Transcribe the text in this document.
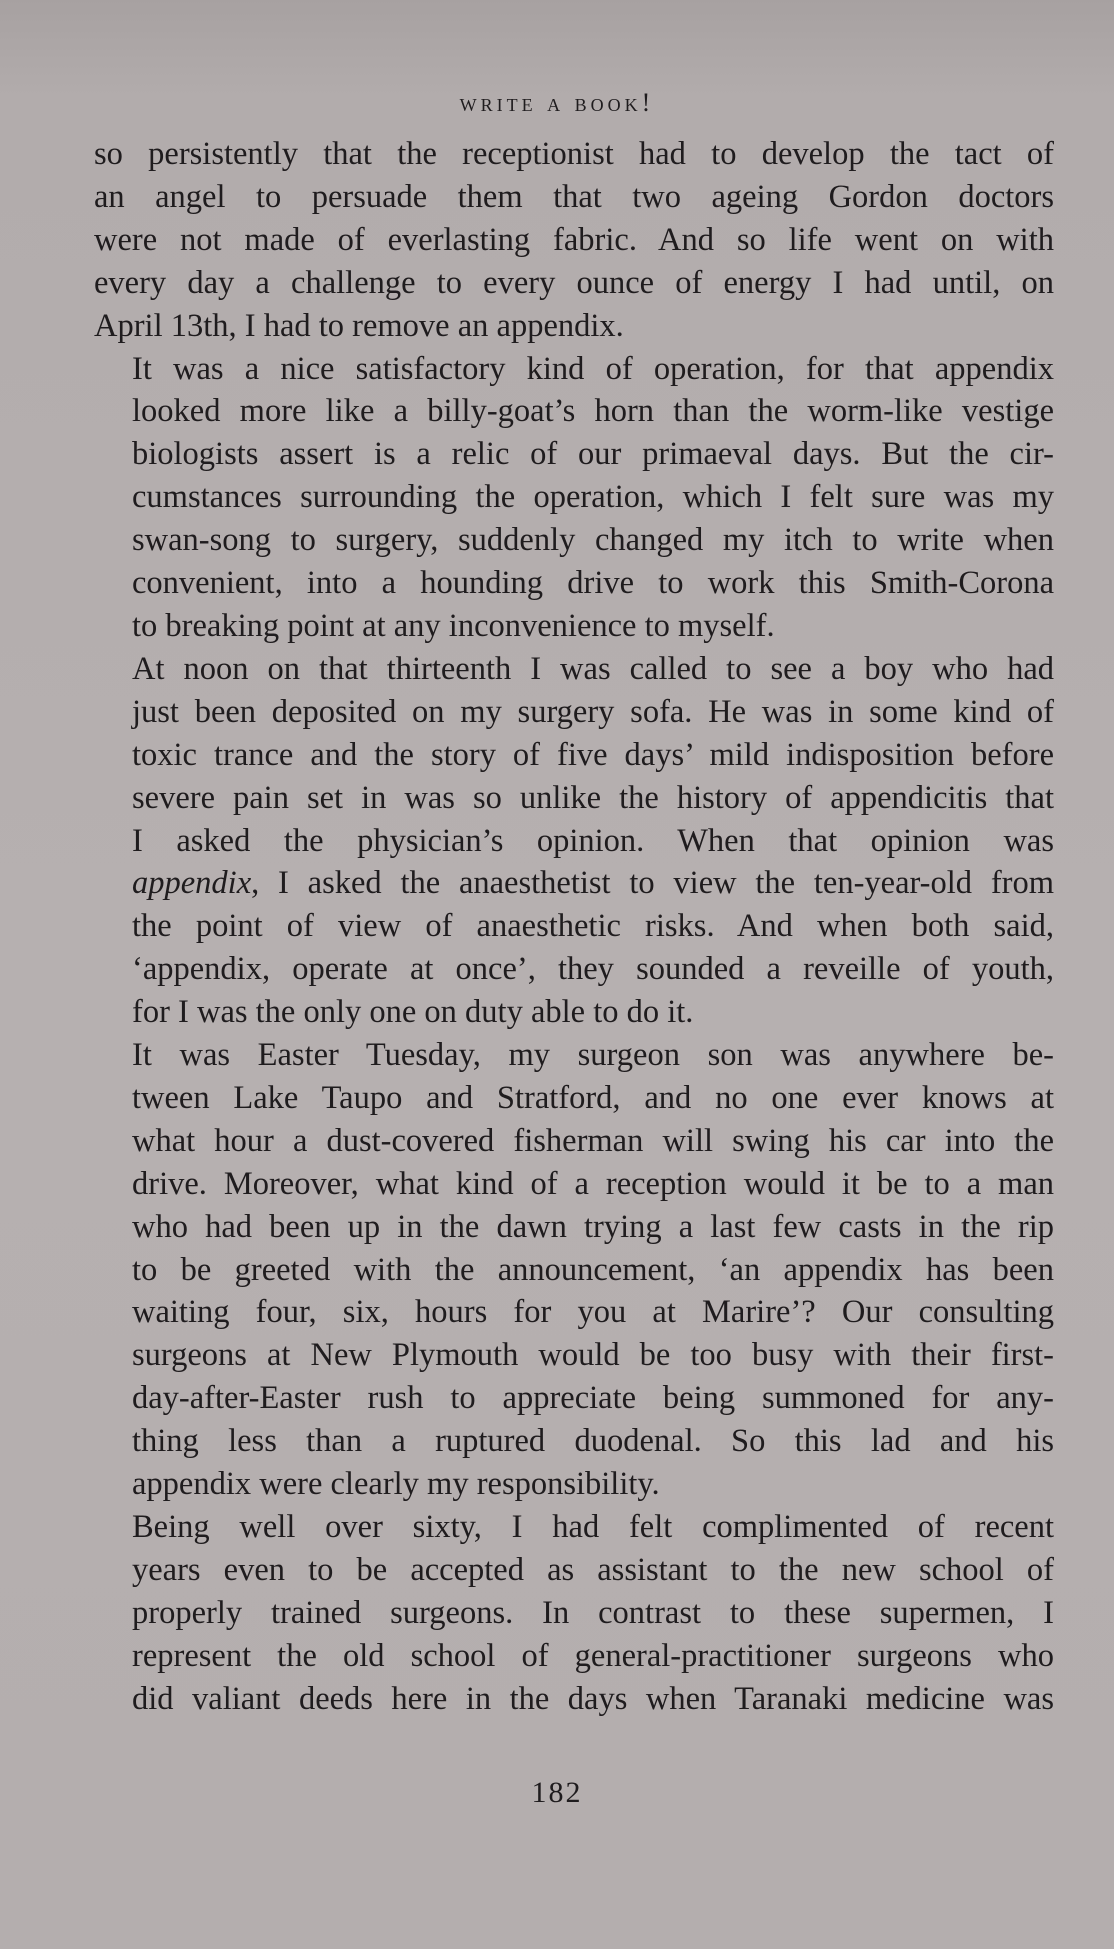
write a book!

so persistently that the receptionist had to develop the tact of
an angel to persuade them that two ageing Gordon doctors
were not made of everlasting fabric. And so life went on with
every day a challenge to every ounce of energy I had until, on
April 13th, I had to remove an appendix.

It was a nice satisfactory kind of operation, for that appendix
looked more like a billy-goat’s horn than the worm-like vestige
biologists assert is a relic of our primaeval days. But the cir-
cumstances surrounding the operation, which I felt sure was my
swan-song to surgery, suddenly changed my itch to write when
convenient, into a hounding drive to work this Smith-Corona
to breaking point at any inconvenience to myself.

At noon on that thirteenth I was called to see a boy who had
just been deposited on my surgery sofa. He was in some kind of
toxic trance and the story of five days’ mild indisposition before
severe pain set in was so unlike the history of appendicitis that
I asked the physician’s opinion. When that opinion was
appendix, I asked the anaesthetist to view the ten-year-old from
the point of view of anaesthetic risks. And when both said,
‘appendix, operate at once’, they sounded a reveille of youth,
for I was the only one on duty able to do it.

It was Easter Tuesday, my surgeon son was anywhere be-
tween Lake Taupo and Stratford, and no one ever knows at
what hour a dust-covered fisherman will swing his car into the
drive. Moreover, what kind of a reception would it be to a man
who had been up in the dawn trying a last few casts in the rip
to be greeted with the announcement, ‘an appendix has been
waiting four, six, hours for you at Marire’? Our consulting
surgeons at New Plymouth would be too busy with their first-
day-after-Easter rush to appreciate being summoned for any-
thing less than a ruptured duodenal. So this lad and his
appendix were clearly my responsibility.

Being well over sixty, I had felt complimented of recent
years even to be accepted as assistant to the new school of
properly trained surgeons. In contrast to these supermen, I
represent the old school of general-practitioner surgeons who
did valiant deeds here in the days when Taranaki medicine was

182
